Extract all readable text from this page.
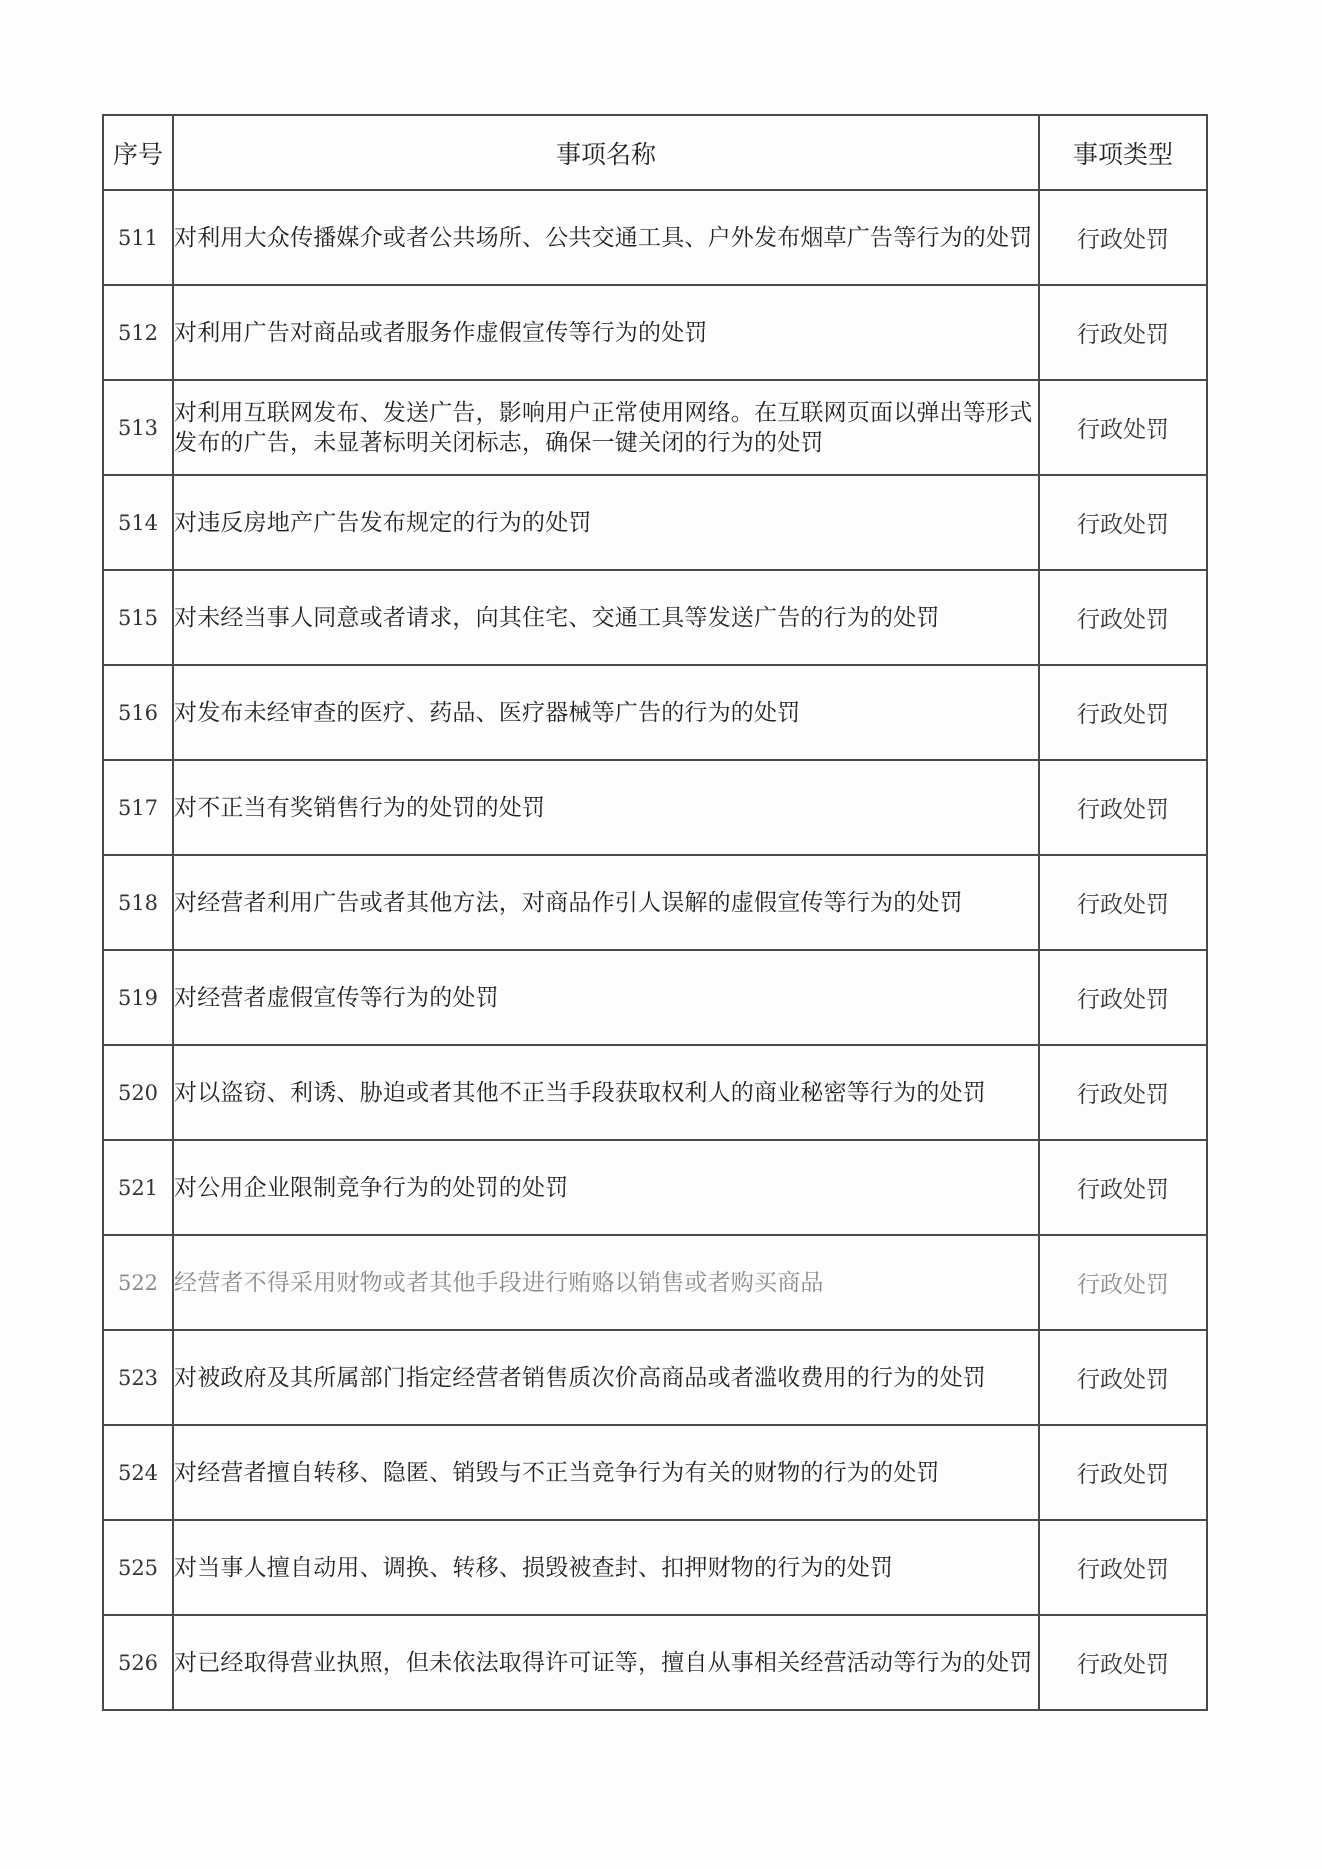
序号	事项名称	事项类型
511	对利用大众传播媒介或者公共场所、公共交通工具、户外发布烟草广告等行为的处罚	行政处罚
512	对利用广告对商品或者服务作虚假宣传等行为的处罚	行政处罚
513	对利用互联网发布、发送广告，影响用户正常使用网络。在互联网页面以弹出等形式发布的广告，未显著标明关闭标志，确保一键关闭的行为的处罚	行政处罚
514	对违反房地产广告发布规定的行为的处罚	行政处罚
515	对未经当事人同意或者请求，向其住宅、交通工具等发送广告的行为的处罚	行政处罚
516	对发布未经审查的医疗、药品、医疗器械等广告的行为的处罚	行政处罚
517	对不正当有奖销售行为的处罚的处罚	行政处罚
518	对经营者利用广告或者其他方法，对商品作引人误解的虚假宣传等行为的处罚	行政处罚
519	对经营者虚假宣传等行为的处罚	行政处罚
520	对以盗窃、利诱、胁迫或者其他不正当手段获取权利人的商业秘密等行为的处罚	行政处罚
521	对公用企业限制竞争行为的处罚的处罚	行政处罚
522	经营者不得采用财物或者其他手段进行贿赂以销售或者购买商品	行政处罚
523	对被政府及其所属部门指定经营者销售质次价高商品或者滥收费用的行为的处罚	行政处罚
524	对经营者擅自转移、隐匿、销毁与不正当竞争行为有关的财物的行为的处罚	行政处罚
525	对当事人擅自动用、调换、转移、损毁被查封、扣押财物的行为的处罚	行政处罚
526	对已经取得营业执照，但未依法取得许可证等，擅自从事相关经营活动等行为的处罚	行政处罚
